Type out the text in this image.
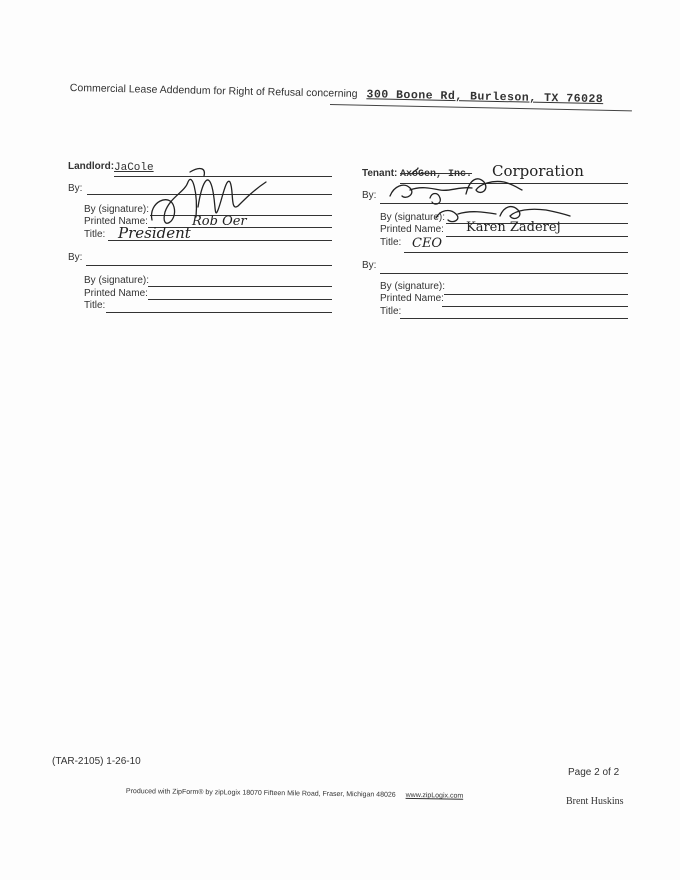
Commercial Lease Addendum for Right of Refusal concerning 300 Boone Rd, Burleson, TX 76028
Landlord: JaCole
By:
By (signature):
Printed Name:	Rob Oer
Title: President
By:
By (signature):
Printed Name:
Title:
Tenant: AxoGen, Inc. Corporation
By:
By (signature):
Printed Name: Karen Zaderej
Title: CEO
By:
By (signature):
Printed Name:
Title:
(TAR-2105) 1-26-10
Page 2 of 2
Produced with ZipForm® by zipLogix 18070 Fifteen Mile Road, Fraser, Michigan 48026 www.zipLogix.com
Brent Huskins
